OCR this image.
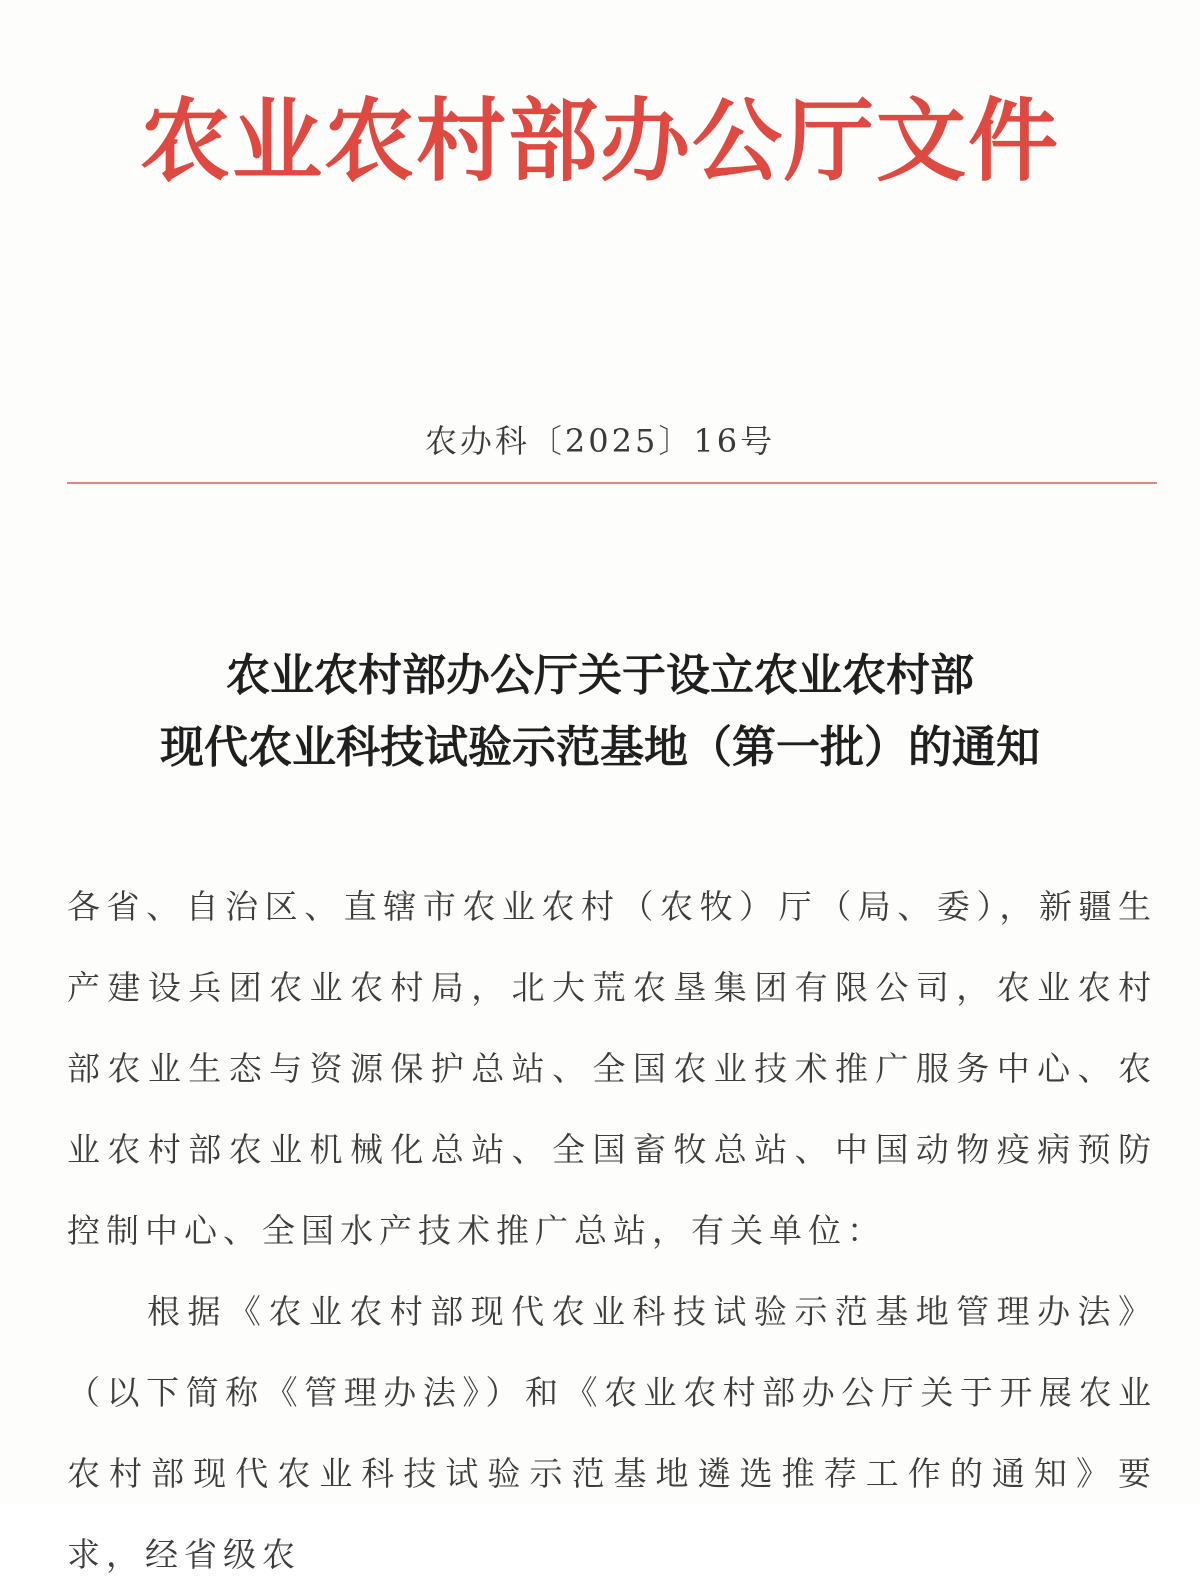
农业农村部办公厅文件
农办科〔2025〕16号
农业农村部办公厅关于设立农业农村部
现代农业科技试验示范基地（第一批）的通知

各省、自治区、直辖市农业农村（农牧）厅（局、委），新疆生产建设兵团农业农村局，北大荒农垦集团有限公司，农业农村部农业生态与资源保护总站、全国农业技术推广服务中心、农业农村部农业机械化总站、全国畜牧总站、中国动物疫病预防控制中心、全国水产技术推广总站，有关单位：

根据《农业农村部现代农业科技试验示范基地管理办法》（以下简称《管理办法》）和《农业农村部办公厅关于开展农业农村部现代农业科技试验示范基地遴选推荐工作的通知》要求，经省级农
